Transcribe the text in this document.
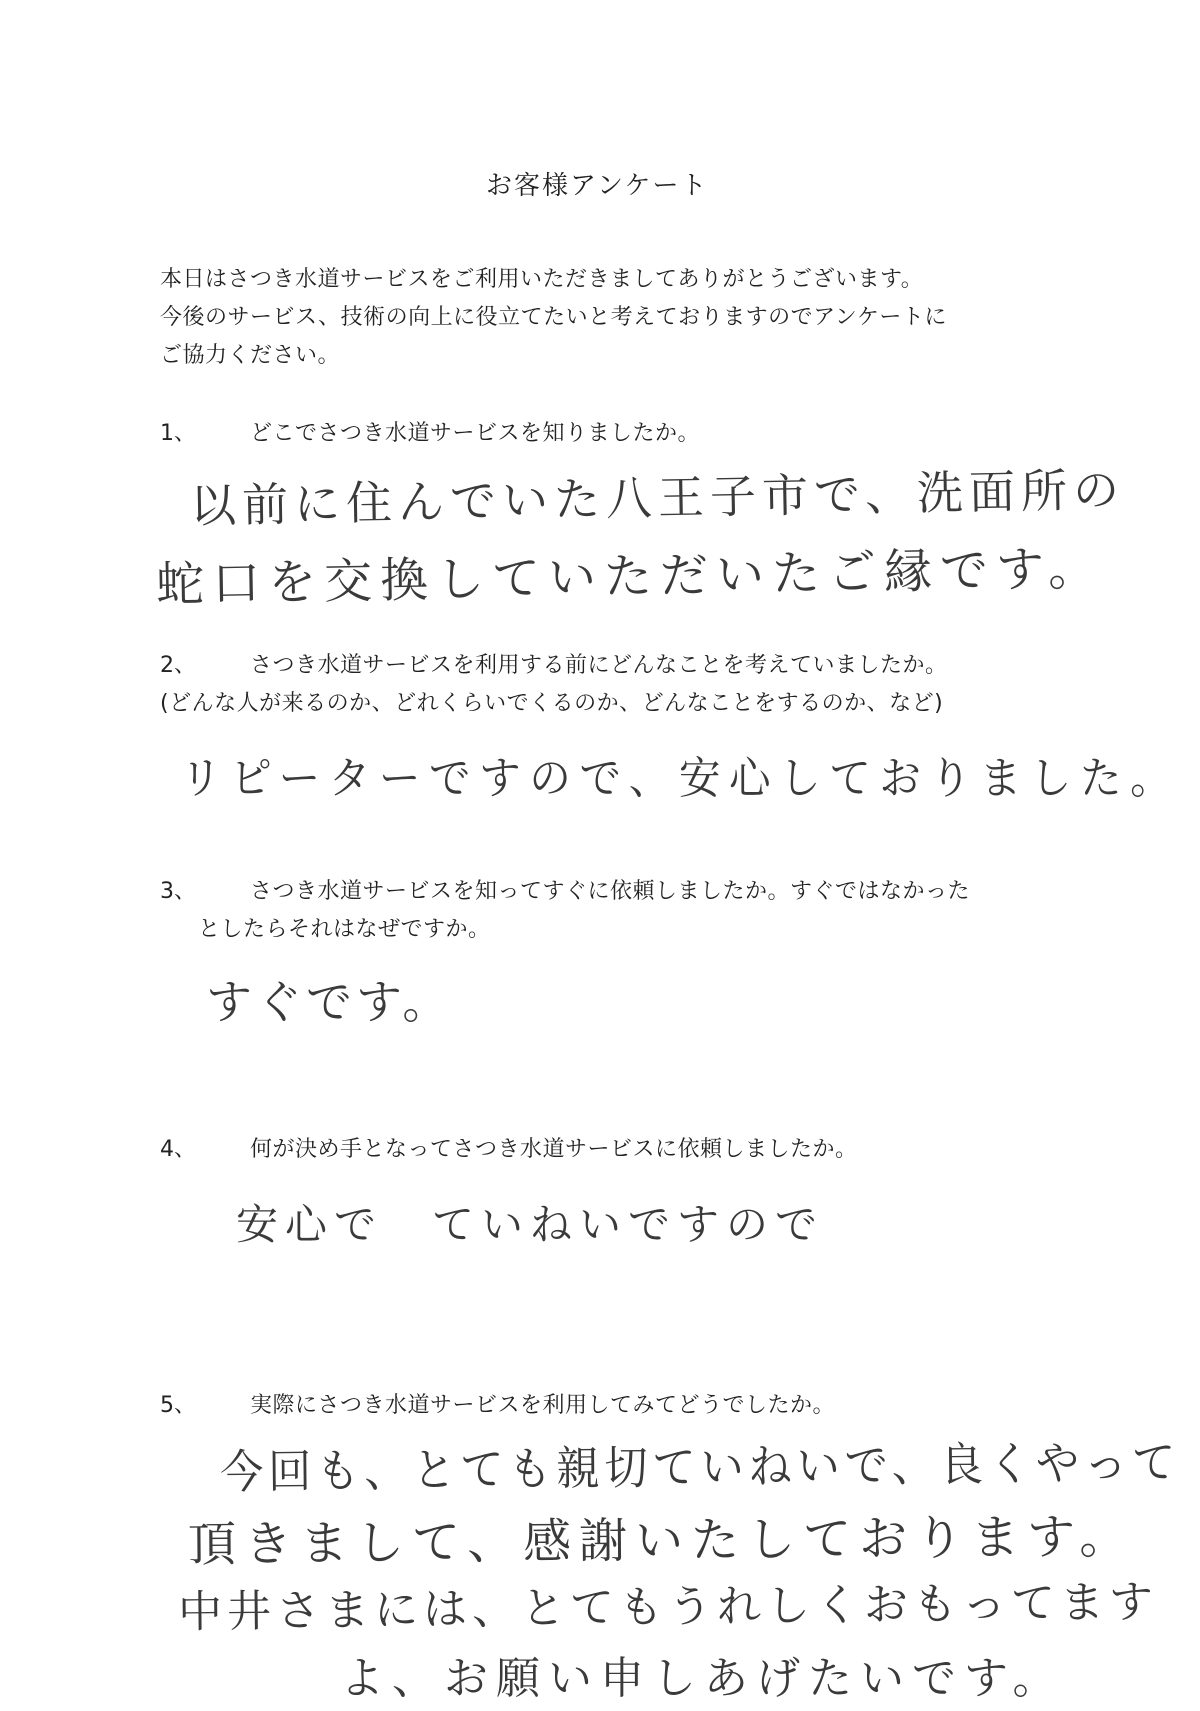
お客様アンケート
本日はさつき水道サービスをご利用いただきましてありがとうございます。
今後のサービス、技術の向上に役立てたいと考えておりますのでアンケートに
ご協力ください。
1、 どこでさつき水道サービスを知りましたか。
以前に住んでいた八王子市で、洗面所の
蛇口を交換していただいたご縁です。
2、 さつき水道サービスを利用する前にどんなことを考えていましたか。
(どんな人が来るのか、どれくらいでくるのか、どんなことをするのか、など)
リピーターですので、安心しておりました。
3、 さつき水道サービスを知ってすぐに依頼しましたか。すぐではなかった
としたらそれはなぜですか。
すぐです。
4、 何が決め手となってさつき水道サービスに依頼しましたか。
安心で　ていねいですので
5、 実際にさつき水道サービスを利用してみてどうでしたか。
今回も、とても親切ていねいで、良くやって
頂きまして、感謝いたしております。
中井さまには、とてもうれしくおもってます
よ、お願い申しあげたいです。
